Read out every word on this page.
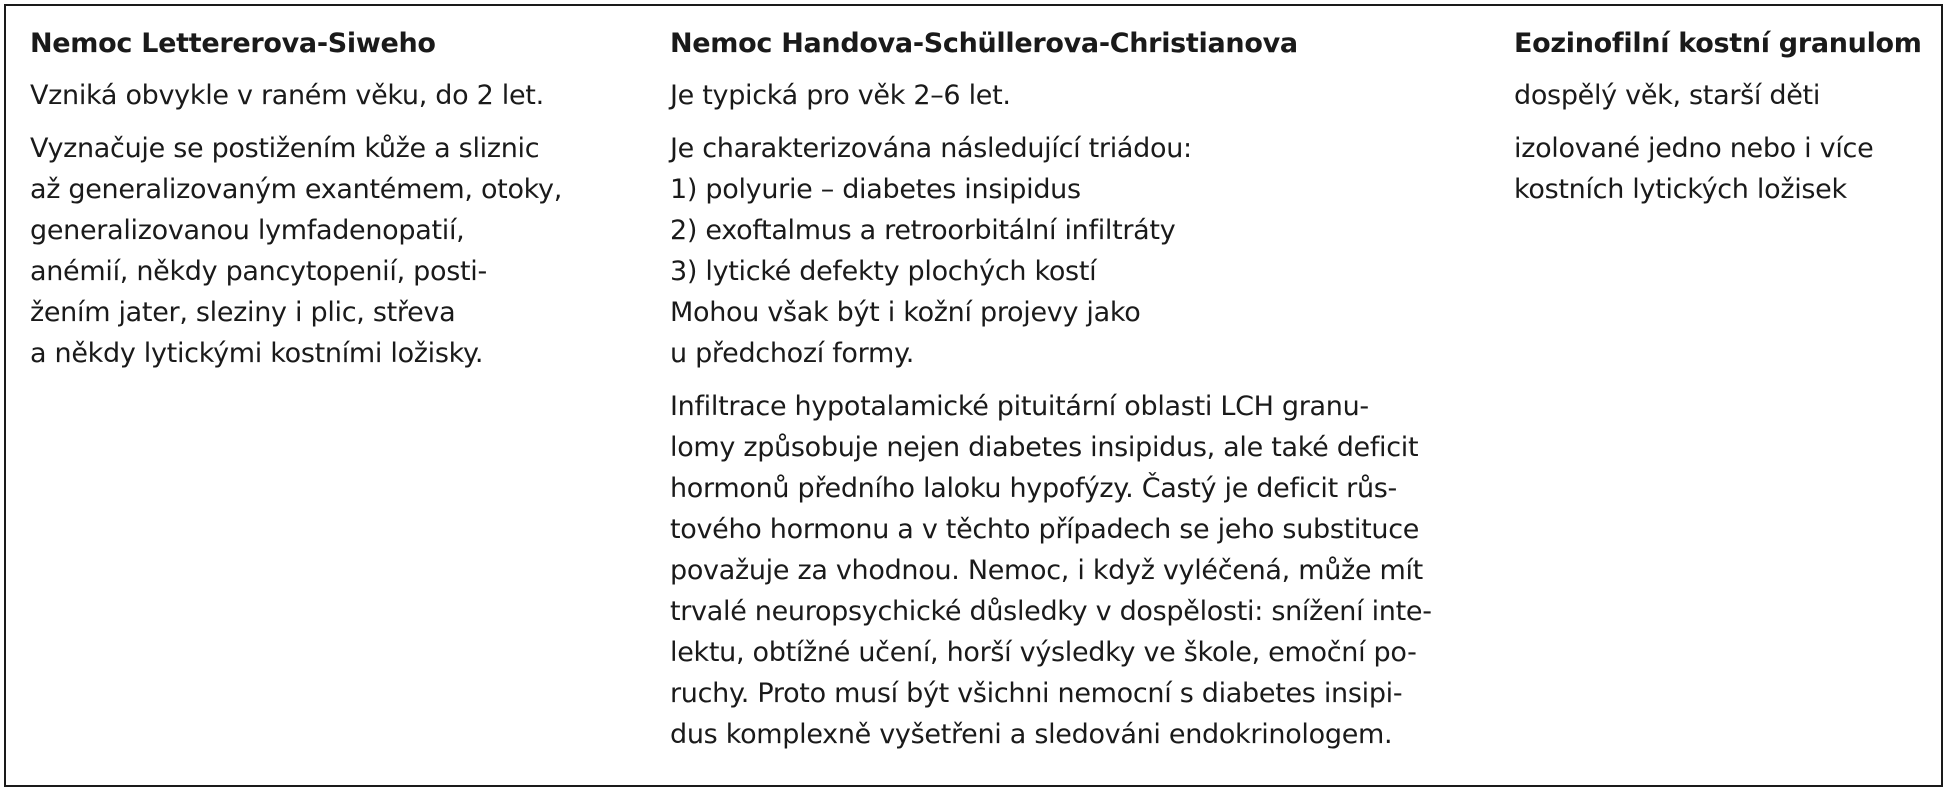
Nemoc Lettererova-Siweho
Vzniká obvykle v raném věku, do 2 let.
Vyznačuje se postižením kůže a sliznic
až generalizovaným exantémem, otoky,
generalizovanou lymfadenopatií,
anémií, někdy pancytopenií, posti-
žením jater, sleziny i plic, střeva
a někdy lytickými kostními ložisky.
Nemoc Handova-Schüllerova-Christianova
Je typická pro věk 2–6 let.
Je charakterizována následující triádou:
1) polyurie – diabetes insipidus
2) exoftalmus a retroorbitální infiltráty
3) lytické defekty plochých kostí
Mohou však být i kožní projevy jako
u předchozí formy.
Infiltrace hypotalamické pituitární oblasti LCH granu-
lomy způsobuje nejen diabetes insipidus, ale také deficit
hormonů předního laloku hypofýzy. Častý je deficit růs-
tového hormonu a v těchto případech se jeho substituce
považuje za vhodnou. Nemoc, i když vyléčená, může mít
trvalé neuropsychické důsledky v dospělosti: snížení inte-
lektu, obtížné učení, horší výsledky ve škole, emoční po-
ruchy. Proto musí být všichni nemocní s diabetes insipi-
dus komplexně vyšetřeni a sledováni endokrinologem.
Eozinofilní kostní granulom
dospělý věk, starší děti
izolované jedno nebo i více
kostních lytických ložisek
